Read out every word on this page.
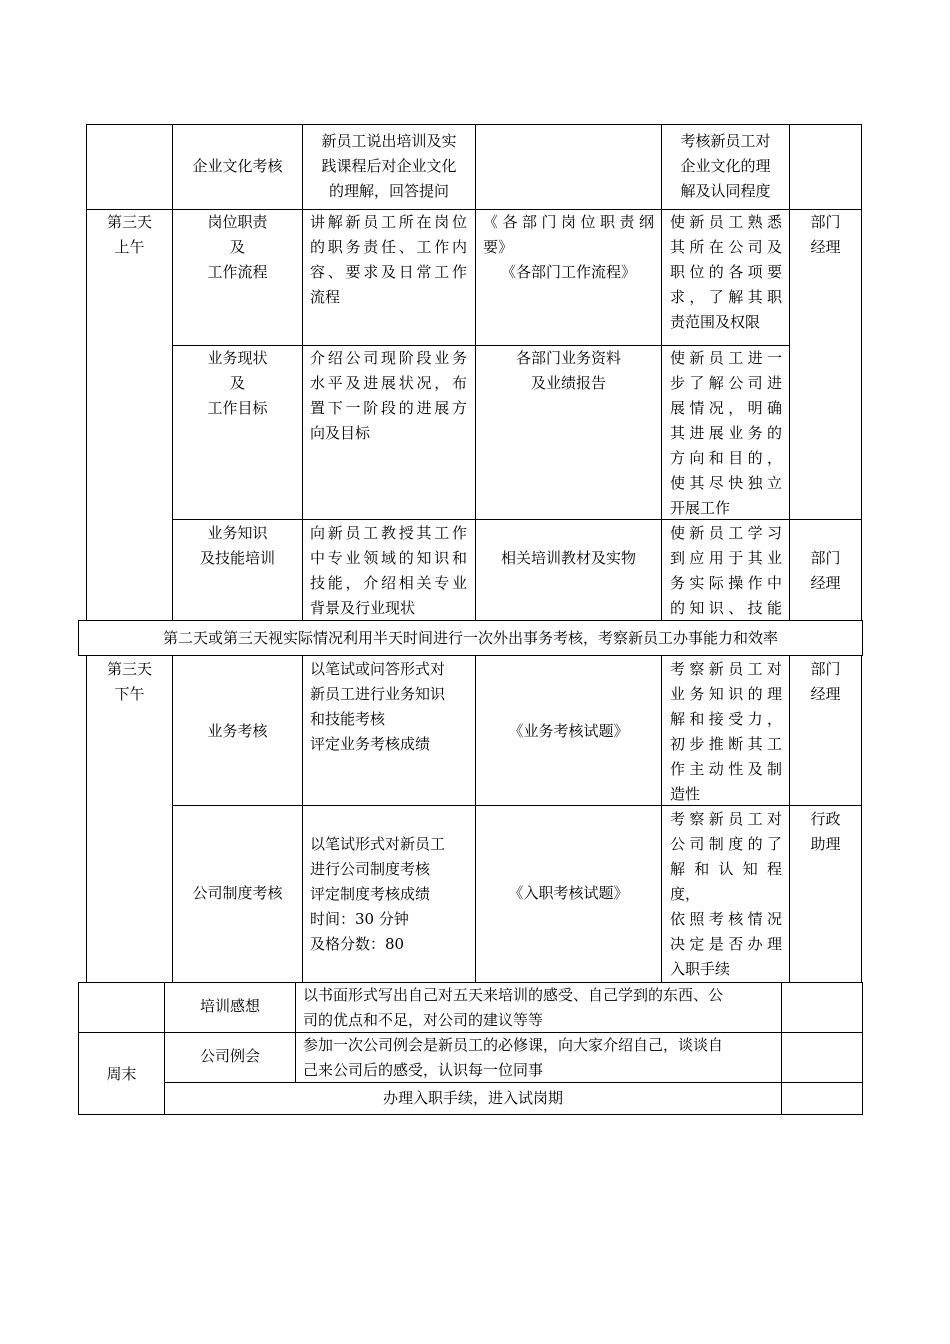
企业文化考核
新员工说出培训及实
践课程后对企业文化
的理解，回答提问
考核新员工对
企业文化的理
解及认同程度
第三天
上午
岗位职责
及
工作流程
讲解新员工所在岗位
的职务责任、工作内
容、要求及日常工作
流程
《各部门岗位职责纲
要》
《各部门工作流程》
使新员工熟悉
其所在公司及
职位的各项要
求，了解其职
责范围及权限
部门
经理
业务现状
及
工作目标
介绍公司现阶段业务
水平及进展状况，布
置下一阶段的进展方
向及目标
各部门业务资料
及业绩报告
使新员工进一
步了解公司进
展情况，明确
其进展业务的
方向和目的，
使其尽快独立
开展工作
业务知识
及技能培训
向新员工教授其工作
中专业领域的知识和
技能，介绍相关专业
背景及行业现状
相关培训教材及实物
使新员工学习
到应用于其业
务实际操作中
的知识、技能
部门
经理
第二天或第三天视实际情况利用半天时间进行一次外出事务考核，考察新员工办事能力和效率
第三天
下午
业务考核
以笔试或问答形式对
新员工进行业务知识
和技能考核
评定业务考核成绩
《业务考核试题》
考察新员工对
业务知识的理
解和接受力，
初步推断其工
作主动性及制
造性
部门
经理
公司制度考核
以笔试形式对新员工
进行公司制度考核
评定制度考核成绩
时间：30 分钟
及格分数：80
《入职考核试题》
考察新员工对
公司制度的了
解和认知程
度，
依照考核情况
决定是否办理
入职手续
行政
助理
周末
培训感想
以书面形式写出自己对五天来培训的感受、自己学到的东西、公
司的优点和不足，对公司的建议等等
公司例会
参加一次公司例会是新员工的必修课，向大家介绍自己，谈谈自
己来公司后的感受，认识每一位同事
办理入职手续，进入试岗期
